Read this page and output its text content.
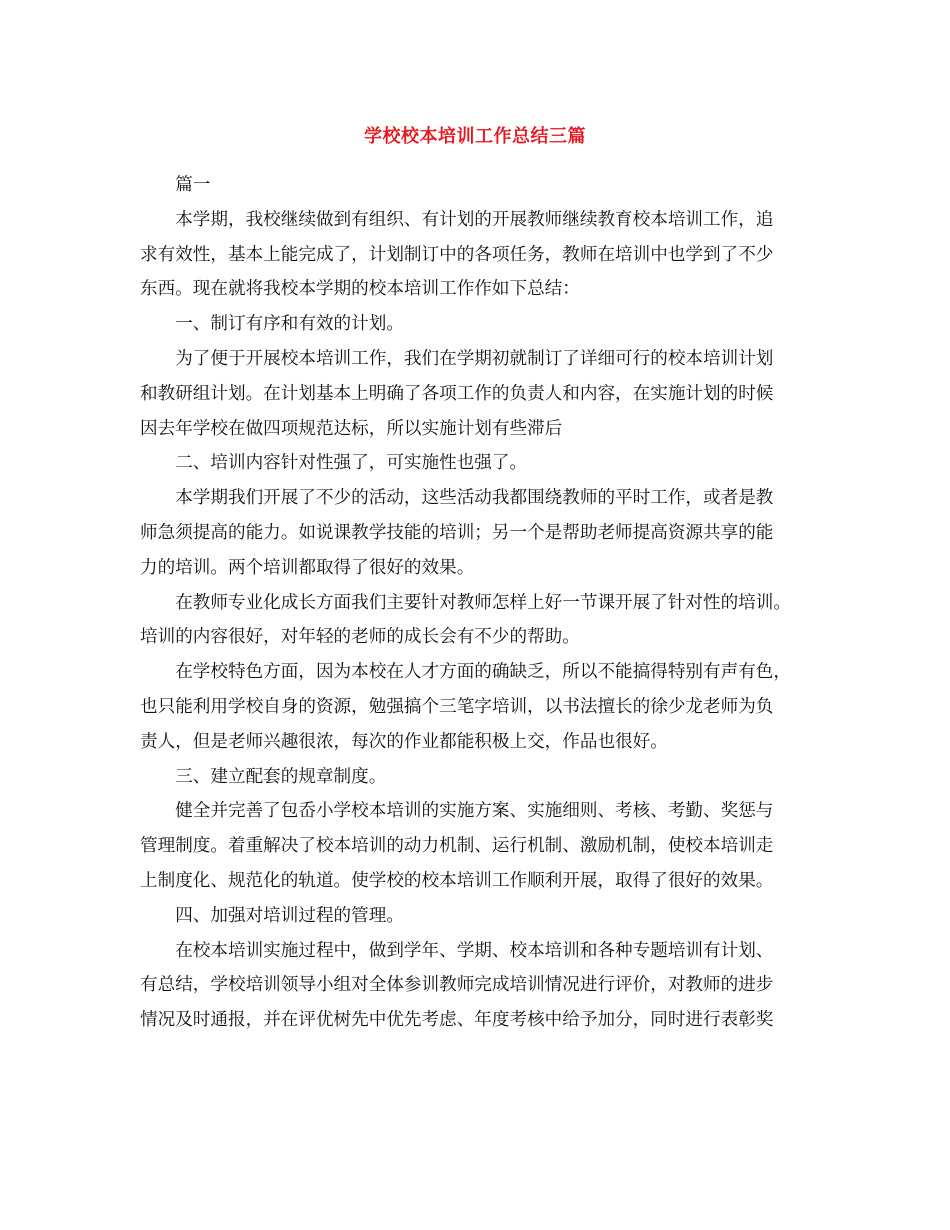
学校校本培训工作总结三篇
篇一
本学期，我校继续做到有组织、有计划的开展教师继续教育校本培训工作，追
求有效性，基本上能完成了，计划制订中的各项任务，教师在培训中也学到了不少
东西。现在就将我校本学期的校本培训工作作如下总结：
一、制订有序和有效的计划。
为了便于开展校本培训工作，我们在学期初就制订了详细可行的校本培训计划
和教研组计划。在计划基本上明确了各项工作的负责人和内容，在实施计划的时候
因去年学校在做四项规范达标，所以实施计划有些滞后
二、培训内容针对性强了，可实施性也强了。
本学期我们开展了不少的活动，这些活动我都围绕教师的平时工作，或者是教
师急须提高的能力。如说课教学技能的培训；另一个是帮助老师提高资源共享的能
力的培训。两个培训都取得了很好的效果。
在教师专业化成长方面我们主要针对教师怎样上好一节课开展了针对性的培训。
培训的内容很好，对年轻的老师的成长会有不少的帮助。
在学校特色方面，因为本校在人才方面的确缺乏，所以不能搞得特别有声有色，
也只能利用学校自身的资源，勉强搞个三笔字培训，以书法擅长的徐少龙老师为负
责人，但是老师兴趣很浓，每次的作业都能积极上交，作品也很好。
三、建立配套的规章制度。
健全并完善了包岙小学校本培训的实施方案、实施细则、考核、考勤、奖惩与
管理制度。着重解决了校本培训的动力机制、运行机制、激励机制，使校本培训走
上制度化、规范化的轨道。使学校的校本培训工作顺利开展，取得了很好的效果。
四、加强对培训过程的管理。
在校本培训实施过程中，做到学年、学期、校本培训和各种专题培训有计划、
有总结，学校培训领导小组对全体参训教师完成培训情况进行评价，对教师的进步
情况及时通报，并在评优树先中优先考虑、年度考核中给予加分，同时进行表彰奖
